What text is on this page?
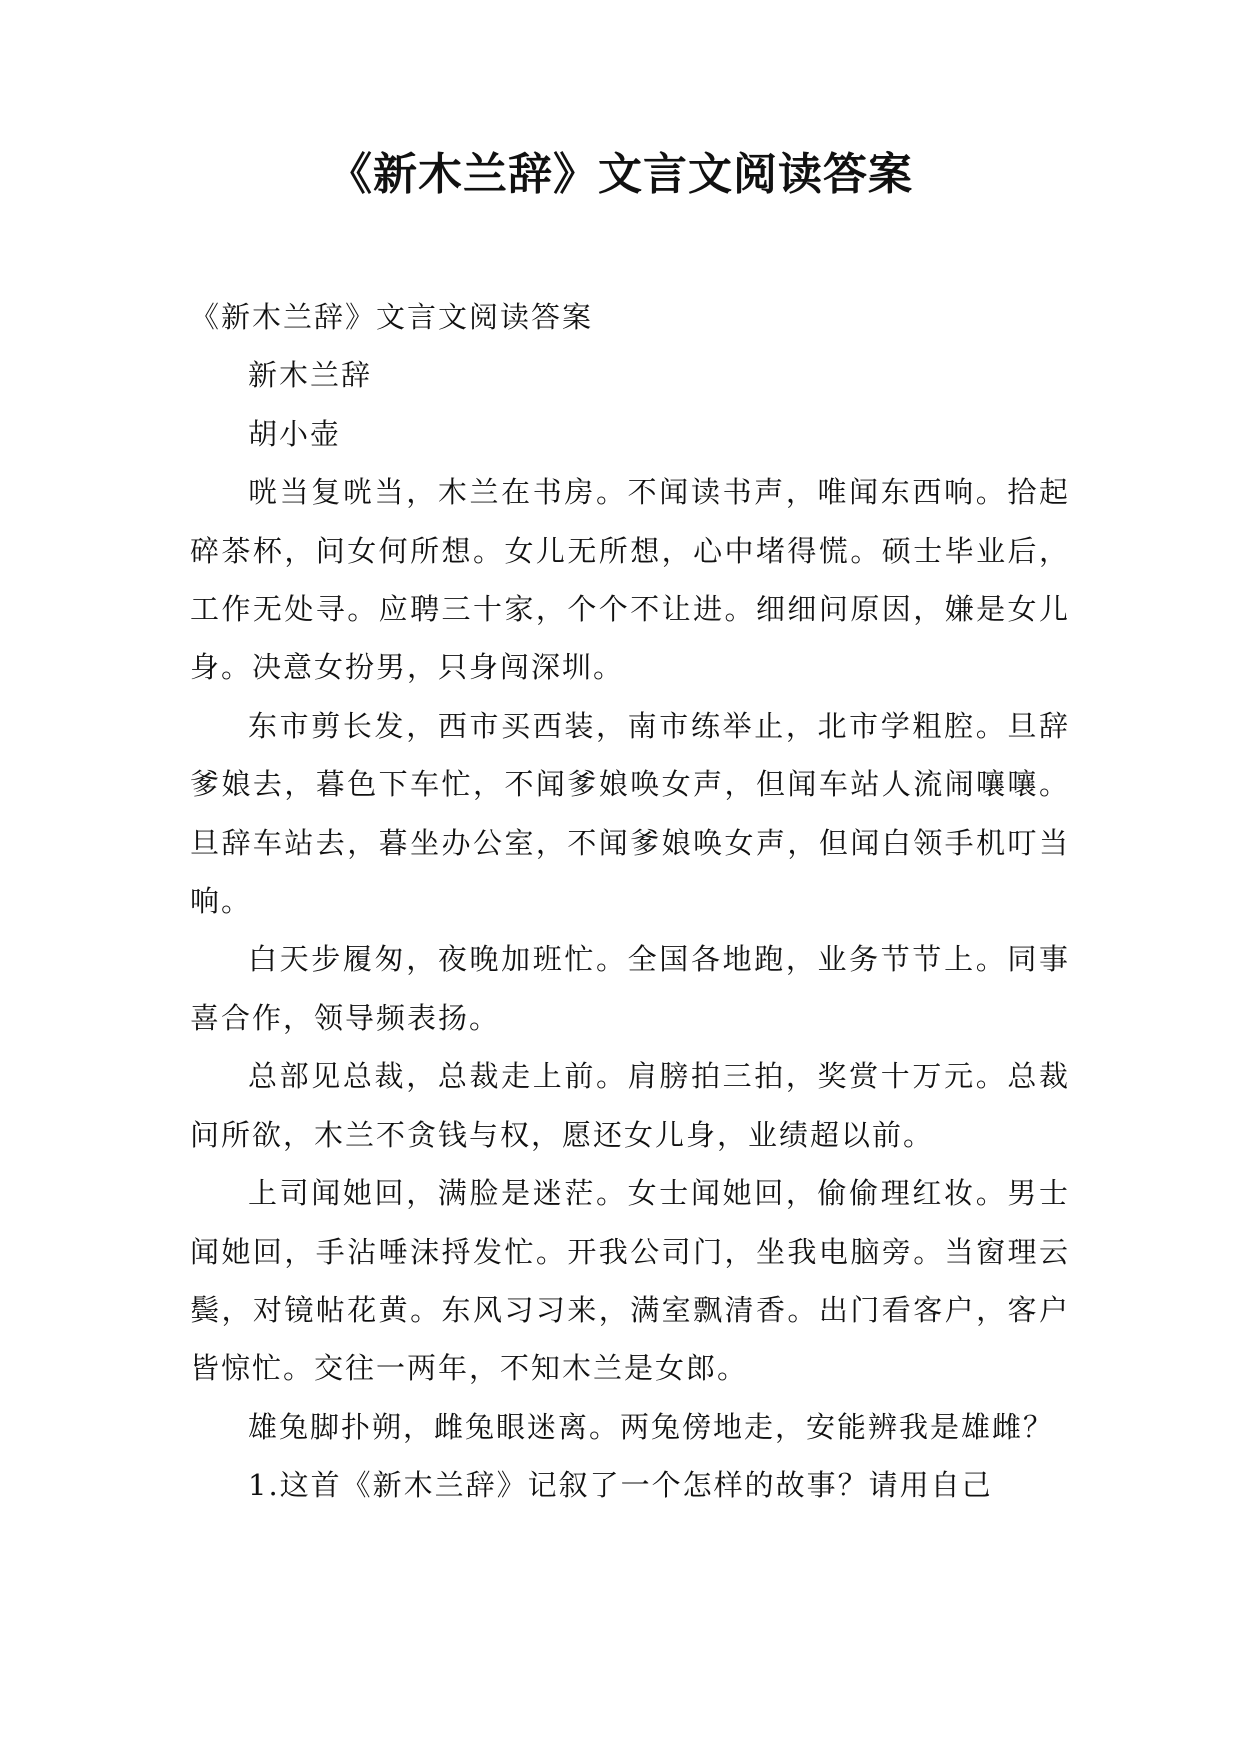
《新木兰辞》文言文阅读答案

《新木兰辞》文言文阅读答案

新木兰辞

胡小壶

咣当复咣当，木兰在书房。不闻读书声，唯闻东西响。拾起碎茶杯，问女何所想。女儿无所想，心中堵得慌。硕士毕业后，工作无处寻。应聘三十家，个个不让进。细细问原因，嫌是女儿身。决意女扮男，只身闯深圳。

东市剪长发，西市买西装，南市练举止，北市学粗腔。旦辞爹娘去，暮色下车忙，不闻爹娘唤女声，但闻车站人流闹嚷嚷。旦辞车站去，暮坐办公室，不闻爹娘唤女声，但闻白领手机叮当响。

白天步履匆，夜晚加班忙。全国各地跑，业务节节上。同事喜合作，领导频表扬。

总部见总裁，总裁走上前。肩膀拍三拍，奖赏十万元。总裁问所欲，木兰不贪钱与权，愿还女儿身，业绩超以前。

上司闻她回，满脸是迷茫。女士闻她回，偷偷理红妆。男士闻她回，手沾唾沫捋发忙。开我公司门，坐我电脑旁。当窗理云鬓，对镜帖花黄。东风习习来，满室飘清香。出门看客户，客户皆惊忙。交往一两年，不知木兰是女郎。

雄兔脚扑朔，雌兔眼迷离。两兔傍地走，安能辨我是雄雌？

1.这首《新木兰辞》记叙了一个怎样的故事？请用自己
